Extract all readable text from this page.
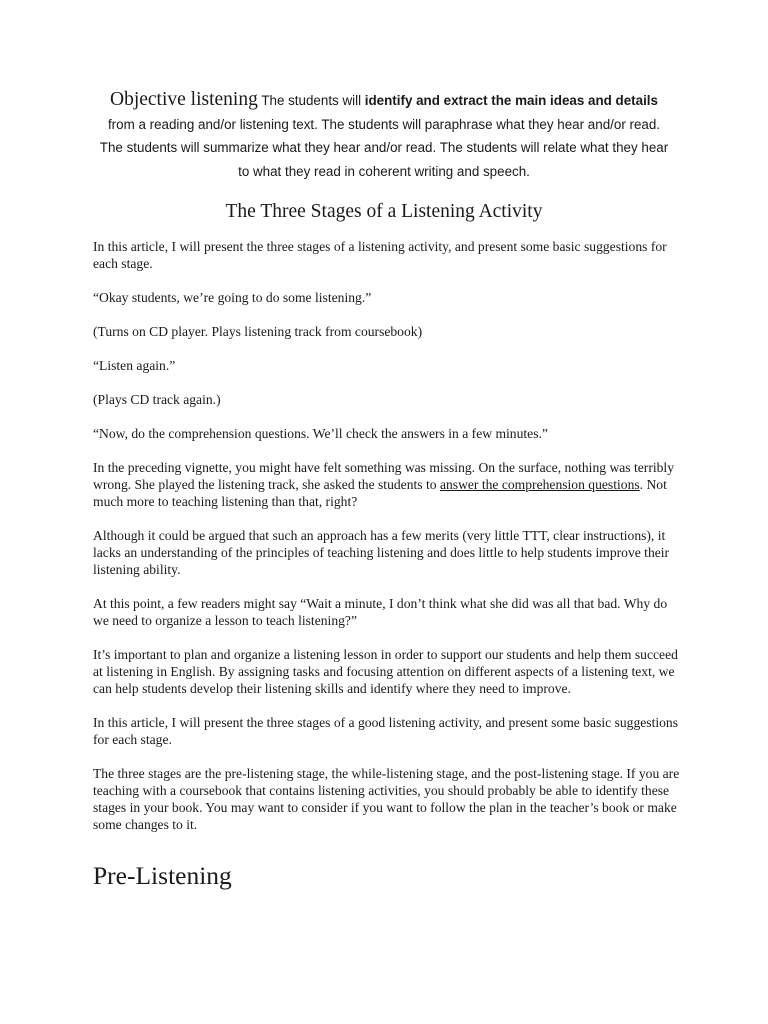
Objective listening The students will identify and extract the main ideas and details from a reading and/or listening text. The students will paraphrase what they hear and/or read. The students will summarize what they hear and/or read. The students will relate what they hear to what they read in coherent writing and speech.
The Three Stages of a Listening Activity

In this article, I will present the three stages of a listening activity, and present some basic suggestions for each stage.

“Okay students, we’re going to do some listening.”

(Turns on CD player. Plays listening track from coursebook)

“Listen again.”

(Plays CD track again.)

“Now, do the comprehension questions. We’ll check the answers in a few minutes.”

In the preceding vignette, you might have felt something was missing. On the surface, nothing was terribly wrong. She played the listening track, she asked the students to answer the comprehension questions. Not much more to teaching listening than that, right?

Although it could be argued that such an approach has a few merits (very little TTT, clear instructions), it lacks an understanding of the principles of teaching listening and does little to help students improve their listening ability.

At this point, a few readers might say “Wait a minute, I don’t think what she did was all that bad. Why do we need to organize a lesson to teach listening?”

It’s important to plan and organize a listening lesson in order to support our students and help them succeed at listening in English. By assigning tasks and focusing attention on different aspects of a listening text, we can help students develop their listening skills and identify where they need to improve.

In this article, I will present the three stages of a good listening activity, and present some basic suggestions for each stage.

The three stages are the pre-listening stage, the while-listening stage, and the post-listening stage. If you are teaching with a coursebook that contains listening activities, you should probably be able to identify these stages in your book. You may want to consider if you want to follow the plan in the teacher’s book or make some changes to it.

Pre-Listening
